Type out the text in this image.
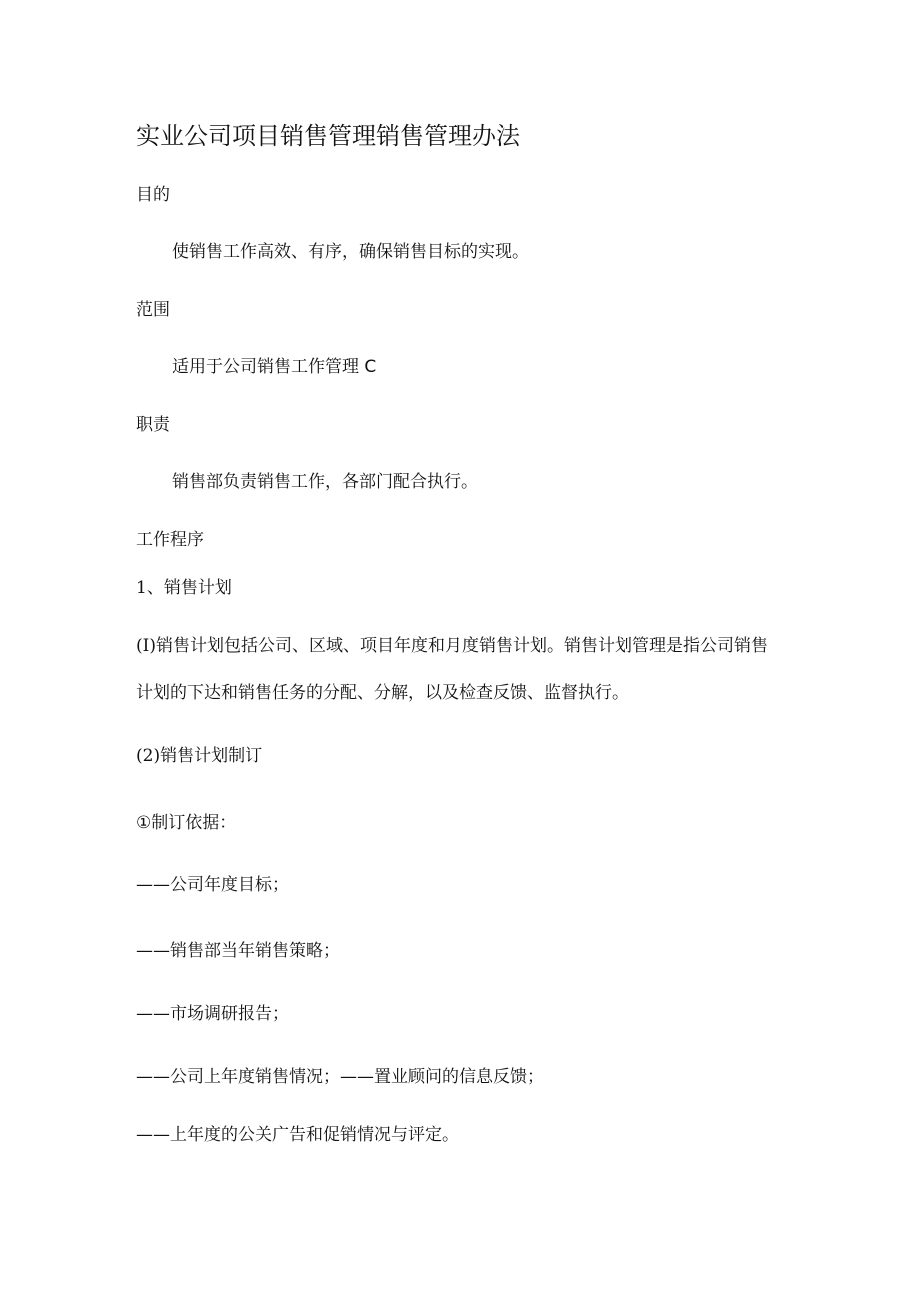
实业公司项目销售管理销售管理办法
目的
使销售工作高效、有序，确保销售目标的实现。
范围
适用于公司销售工作管理 C
职责
销售部负责销售工作，各部门配合执行。
工作程序
1、销售计划
(I)销售计划包括公司、区域、项目年度和月度销售计划。销售计划管理是指公司销售
计划的下达和销售任务的分配、分解，以及检查反馈、监督执行。
(2)销售计划制订
①制订依据：
——公司年度目标；
——销售部当年销售策略；
——市场调研报告；
——公司上年度销售情况；——置业顾问的信息反馈；
——上年度的公关广告和促销情况与评定。
